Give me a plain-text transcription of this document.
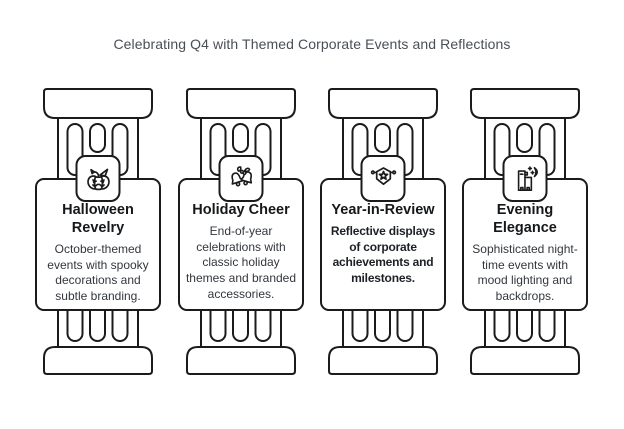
Celebrating Q4 with Themed Corporate Events and Reflections
Halloween Revelry
October-themed events with spooky decorations and subtle branding.
Holiday Cheer
End-of-year celebrations with classic holiday themes and branded accessories.
Year-in-Review
Reflective displays of corporate achievements and milestones.
Evening Elegance
Sophisticated night-time events with mood lighting and backdrops.
